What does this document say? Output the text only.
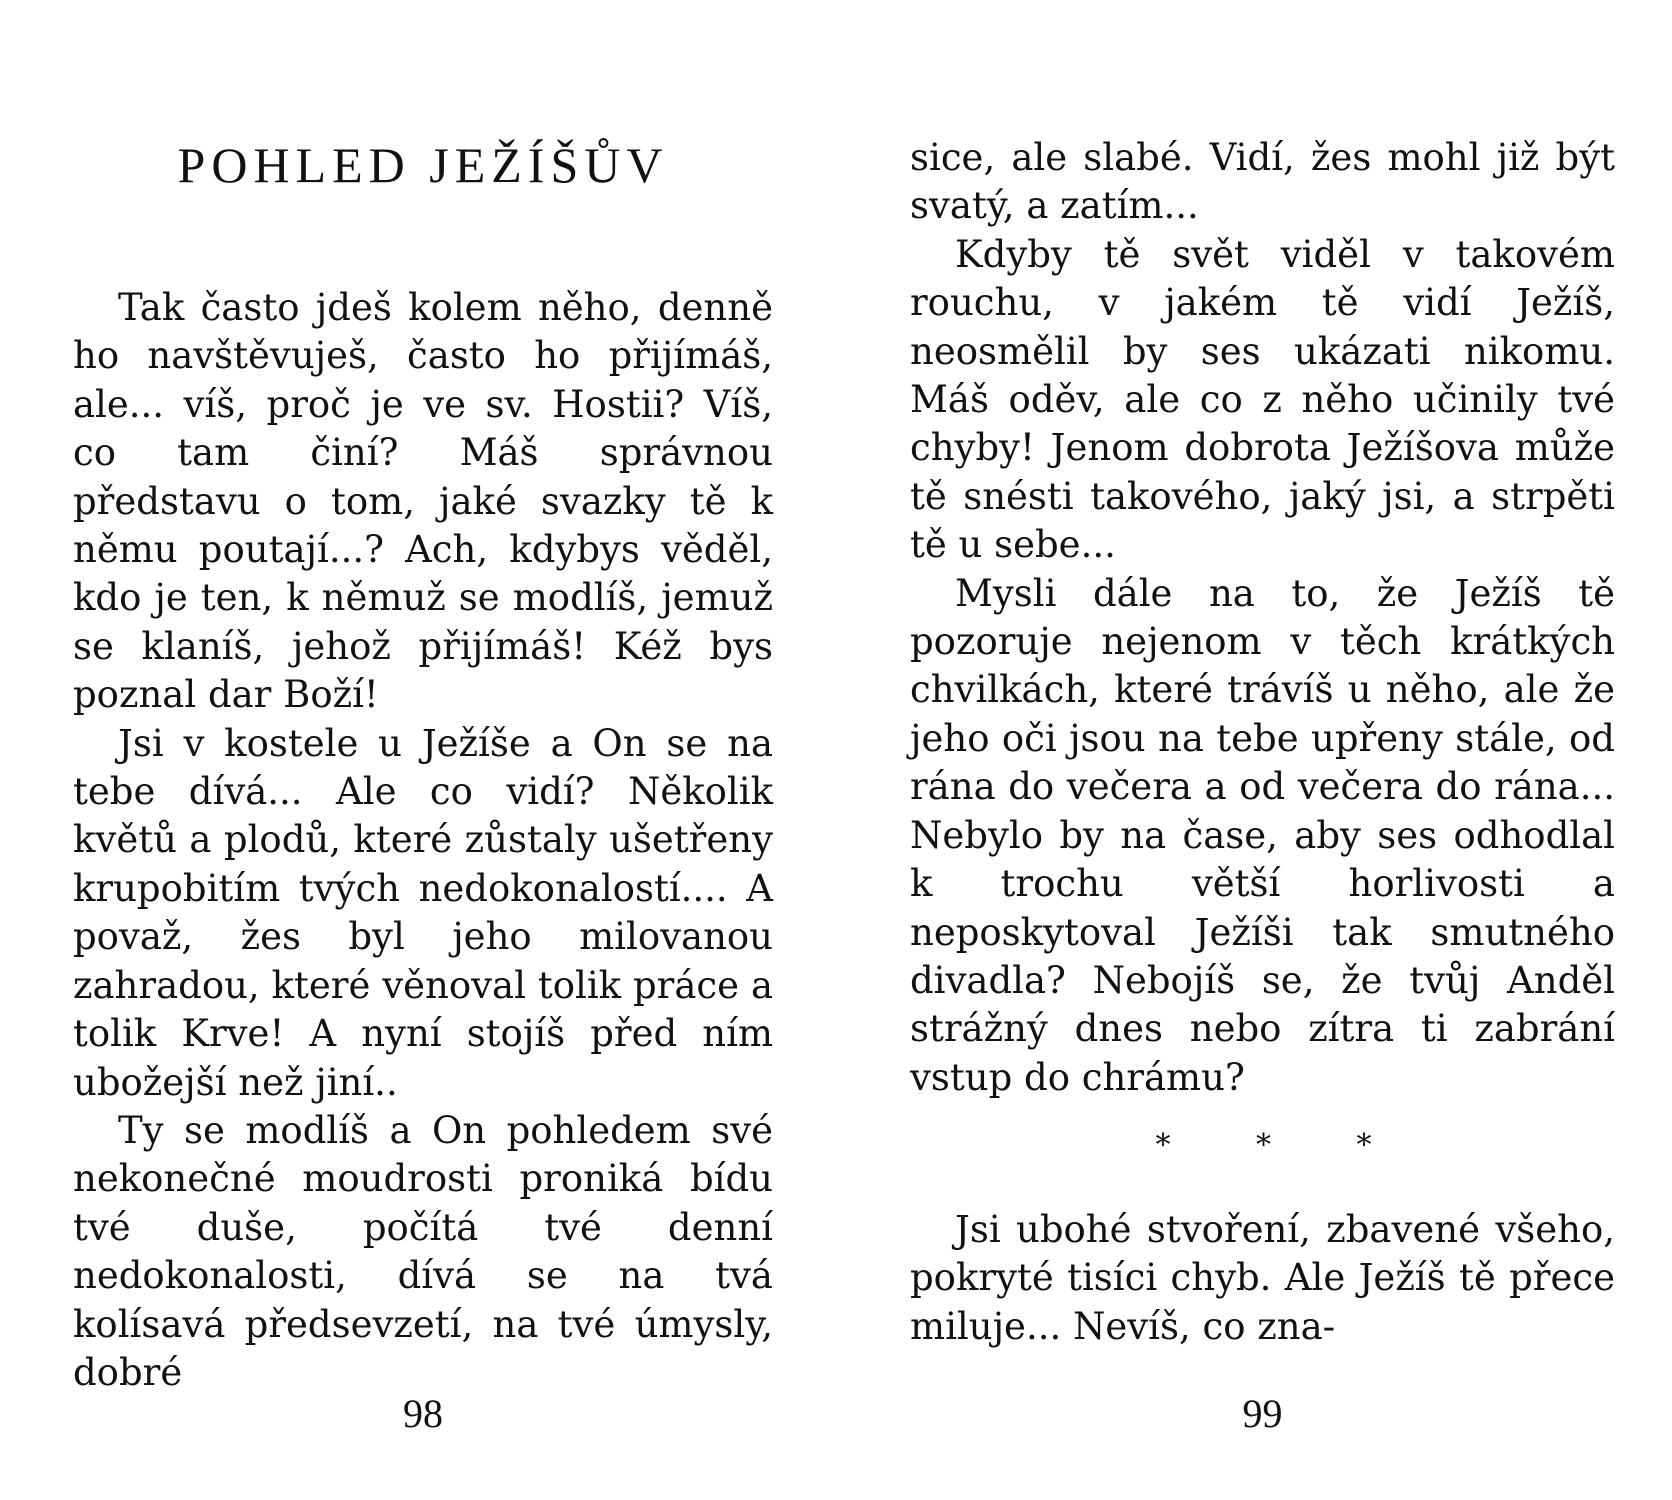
POHLED JEŽÍŠŮV

Tak často jdeš kolem něho, denně ho navštěvuješ, často ho přijímáš, ale... víš, proč je ve sv. Hostii? Víš, co tam činí? Máš správnou představu o tom, jaké svazky tě k němu poutají...? Ach, kdybys věděl, kdo je ten, k němuž se modlíš, jemuž se klaníš, jehož přijímáš! Kéž bys poznal dar Boží!

Jsi v kostele u Ježíše a On se na tebe dívá... Ale co vidí? Několik květů a plodů, které zůstaly ušetřeny krupobitím tvých nedokonalostí.... A považ, žes byl jeho milovanou zahradou, které věnoval tolik práce a tolik Krve! A nyní stojíš před ním ubožejší než jiní..

Ty se modlíš a On pohledem své nekonečné moudrosti proniká bídu tvé duše, počítá tvé denní nedokonalosti, dívá se na tvá kolísavá předsevzetí, na tvé úmysly, dobré

98

sice, ale slabé. Vidí, žes mohl již být svatý, a zatím...

Kdyby tě svět viděl v takovém rouchu, v jakém tě vidí Ježíš, neosmělil by ses ukázati nikomu. Máš oděv, ale co z něho učinily tvé chyby! Jenom dobrota Ježíšova může tě snésti takového, jaký jsi, a strpěti tě u sebe...

Mysli dále na to, že Ježíš tě pozoruje nejenom v těch krátkých chvilkách, které trávíš u něho, ale že jeho oči jsou na tebe upřeny stále, od rána do večera a od večera do rána... Nebylo by na čase, aby ses odhodlal k trochu větší horlivosti a neposkytoval Ježíši tak smutného divadla? Nebojíš se, že tvůj Anděl strážný dnes nebo zítra ti zabrání vstup do chrámu?

* * *

Jsi ubohé stvoření, zbavené všeho, pokryté tisíci chyb. Ale Ježíš tě přece miluje... Nevíš, co zna-

99
